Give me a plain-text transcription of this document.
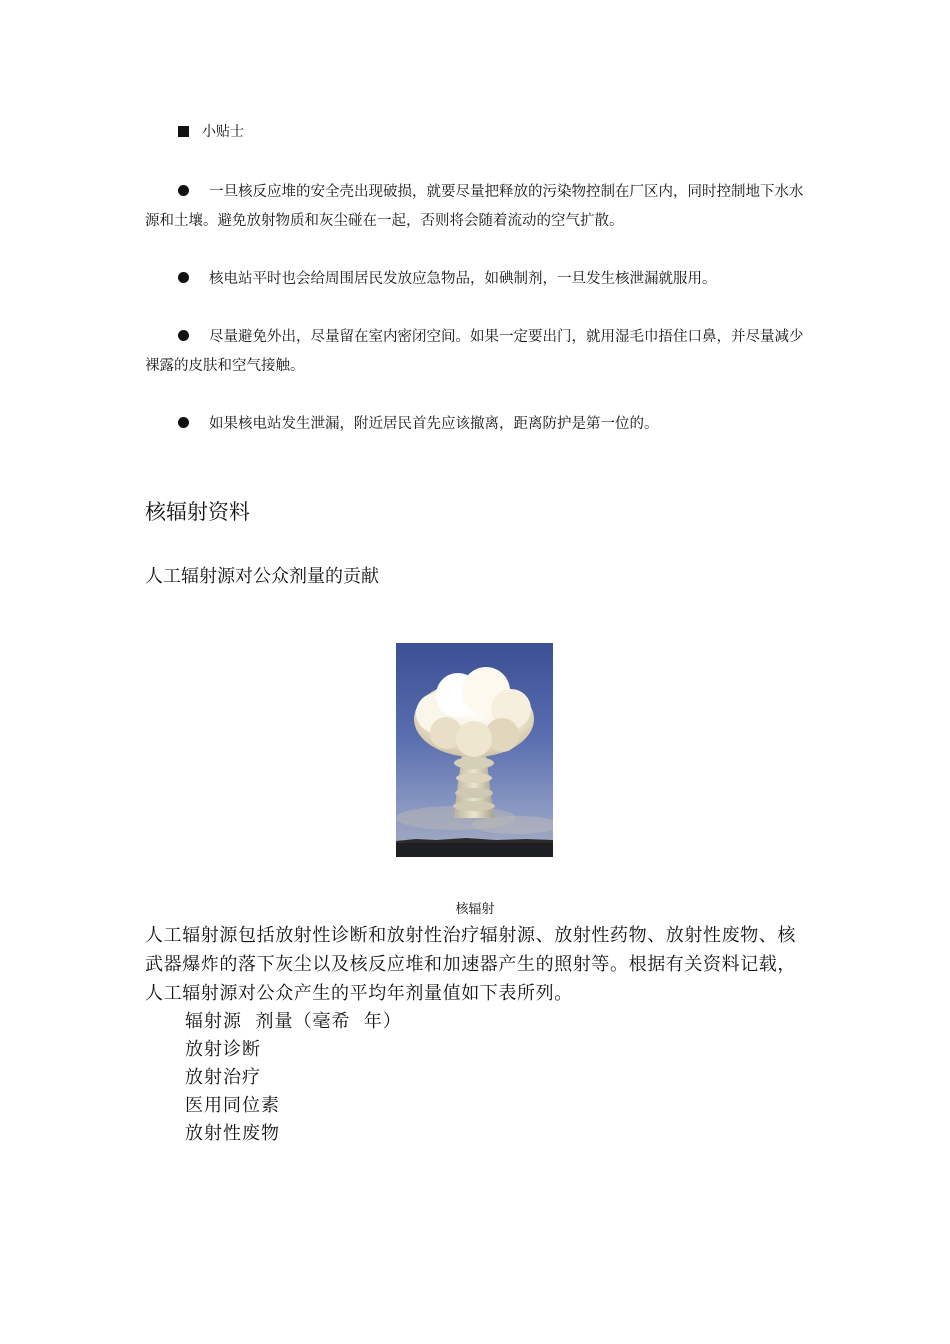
小贴士
一旦核反应堆的安全壳出现破损，就要尽量把释放的污染物控制在厂区内，同时控制地下水水源和土壤。避免放射物质和灰尘碰在一起，否则将会随着流动的空气扩散。
核电站平时也会给周围居民发放应急物品，如碘制剂，一旦发生核泄漏就服用。
尽量避免外出，尽量留在室内密闭空间。如果一定要出门，就用湿毛巾捂住口鼻，并尽量减少裸露的皮肤和空气接触。
如果核电站发生泄漏，附近居民首先应该撤离，距离防护是第一位的。
核辐射资料
人工辐射源对公众剂量的贡献
核辐射
人工辐射源包括放射性诊断和放射性治疗辐射源、放射性药物、放射性废物、核武器爆炸的落下灰尘以及核反应堆和加速器产生的照射等。根据有关资料记载，人工辐射源对公众产生的平均年剂量值如下表所列。
辐射源  剂量（毫希  年）
放射诊断
放射治疗
医用同位素
放射性废物
